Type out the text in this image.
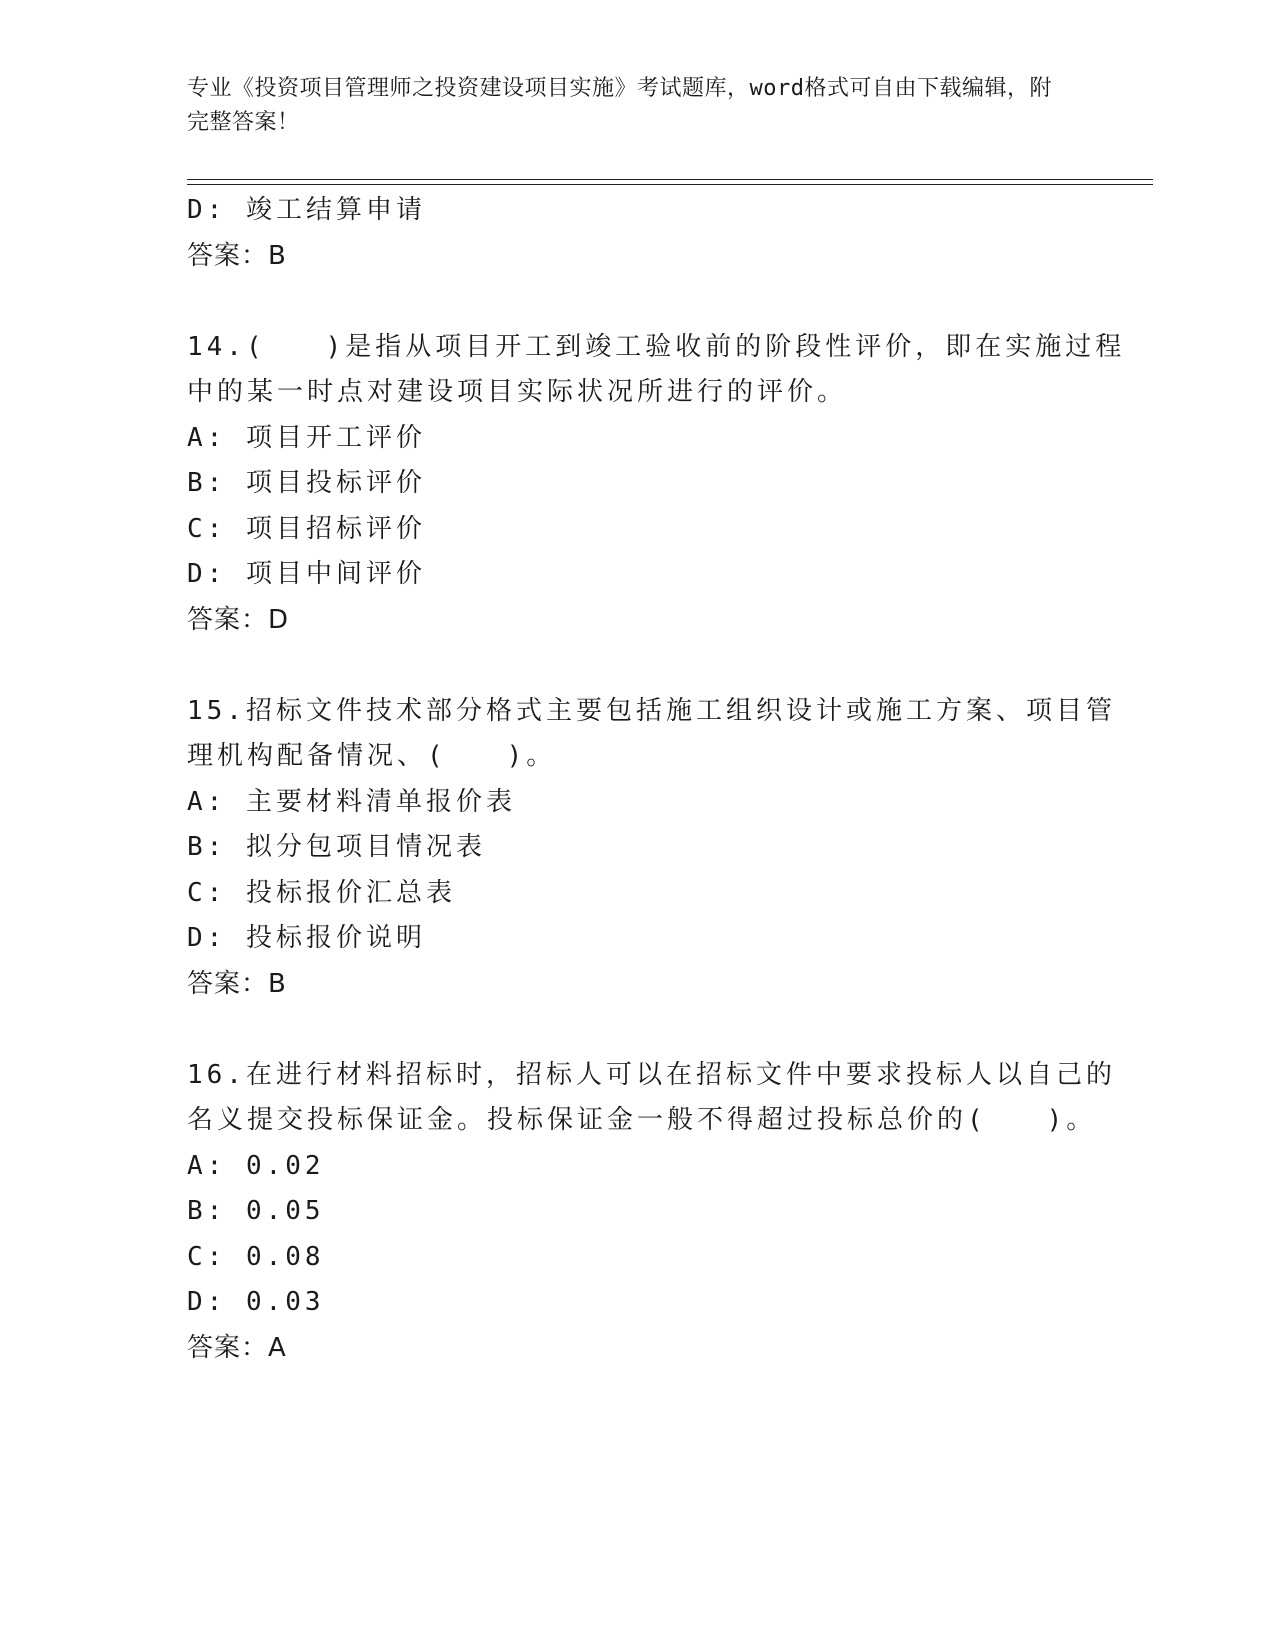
专业《投资项目管理师之投资建设项目实施》考试题库，word格式可自由下载编辑，附完整答案！
D: 竣工结算申请
答案：B
14.(　　)是指从项目开工到竣工验收前的阶段性评价，即在实施过程
中的某一时点对建设项目实际状况所进行的评价。
A: 项目开工评价
B: 项目投标评价
C: 项目招标评价
D: 项目中间评价
答案：D
15.招标文件技术部分格式主要包括施工组织设计或施工方案、项目管
理机构配备情况、(　　)。
A: 主要材料清单报价表
B: 拟分包项目情况表
C: 投标报价汇总表
D: 投标报价说明
答案：B
16.在进行材料招标时，招标人可以在招标文件中要求投标人以自己的
名义提交投标保证金。投标保证金一般不得超过投标总价的(　　)。
A: 0.02
B: 0.05
C: 0.08
D: 0.03
答案：A
